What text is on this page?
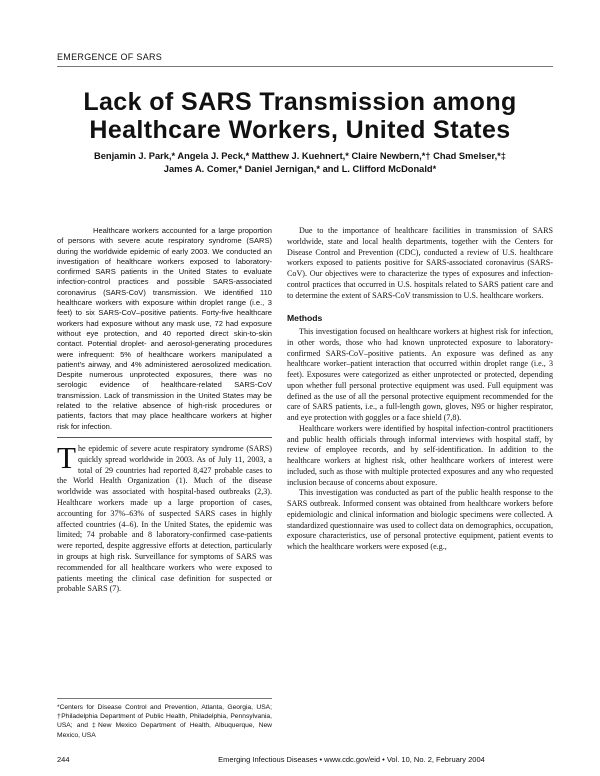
EMERGENCE OF SARS
Lack of SARS Transmission among Healthcare Workers, United States
Benjamin J. Park,* Angela J. Peck,* Matthew J. Kuehnert,* Claire Newbern,*† Chad Smelser,*‡
James A. Comer,* Daniel Jernigan,* and L. Clifford McDonald*

Healthcare workers accounted for a large proportion of persons with severe acute respiratory syndrome (SARS) during the worldwide epidemic of early 2003. We conducted an investigation of healthcare workers exposed to laboratory-confirmed SARS patients in the United States to evaluate infection-control practices and possible SARS-associated coronavirus (SARS-CoV) transmission. We identified 110 healthcare workers with exposure within droplet range (i.e., 3 feet) to six SARS-CoV–positive patients. Forty-five healthcare workers had exposure without any mask use, 72 had exposure without eye protection, and 40 reported direct skin-to-skin contact. Potential droplet- and aerosol-generating procedures were infrequent: 5% of healthcare workers manipulated a patient's airway, and 4% administered aerosolized medication. Despite numerous unprotected exposures, there was no serologic evidence of healthcare-related SARS-CoV transmission. Lack of transmission in the United States may be related to the relative absence of high-risk procedures or patients, factors that may place healthcare workers at higher risk for infection.

The epidemic of severe acute respiratory syndrome (SARS) quickly spread worldwide in 2003. As of July 11, 2003, a total of 29 countries had reported 8,427 probable cases to the World Health Organization (1). Much of the disease worldwide was associated with hospital-based outbreaks (2,3). Healthcare workers made up a large proportion of cases, accounting for 37%–63% of suspected SARS cases in highly affected countries (4–6). In the United States, the epidemic was limited; 74 probable and 8 laboratory-confirmed case-patients were reported, despite aggressive efforts at detection, particularly in groups at high risk. Surveillance for symptoms of SARS was recommended for all healthcare workers who were exposed to patients meeting the clinical case definition for suspected or probable SARS (7).

*Centers for Disease Control and Prevention, Atlanta, Georgia, USA; †Philadelphia Department of Public Health, Philadelphia, Pennsylvania, USA; and ‡New Mexico Department of Health, Albuquerque, New Mexico, USA

Due to the importance of healthcare facilities in transmission of SARS worldwide, state and local health departments, together with the Centers for Disease Control and Prevention (CDC), conducted a review of U.S. healthcare workers exposed to patients positive for SARS-associated coronavirus (SARS-CoV). Our objectives were to characterize the types of exposures and infection-control practices that occurred in U.S. hospitals related to SARS patient care and to determine the extent of SARS-CoV transmission to U.S. healthcare workers.

Methods

This investigation focused on healthcare workers at highest risk for infection, in other words, those who had known unprotected exposure to laboratory-confirmed SARS-CoV–positive patients. An exposure was defined as any healthcare worker–patient interaction that occurred within droplet range (i.e., 3 feet). Exposures were categorized as either unprotected or protected, depending upon whether full personal protective equipment was used. Full equipment was defined as the use of all the personal protective equipment recommended for the care of SARS patients, i.e., a full-length gown, gloves, N95 or higher respirator, and eye protection with goggles or a face shield (7,8).

Healthcare workers were identified by hospital infection-control practitioners and public health officials through informal interviews with hospital staff, by review of employee records, and by self-identification. In addition to the healthcare workers at highest risk, other healthcare workers of interest were included, such as those with multiple protected exposures and any who requested inclusion because of concerns about exposure.

This investigation was conducted as part of the public health response to the SARS outbreak. Informed consent was obtained from healthcare workers before epidemiologic and clinical information and biologic specimens were collected. A standardized questionnaire was used to collect data on demographics, occupation, exposure characteristics, use of personal protective equipment, patient events to which the healthcare workers were exposed (e.g.,

244	Emerging Infectious Diseases • www.cdc.gov/eid • Vol. 10, No. 2, February 2004
